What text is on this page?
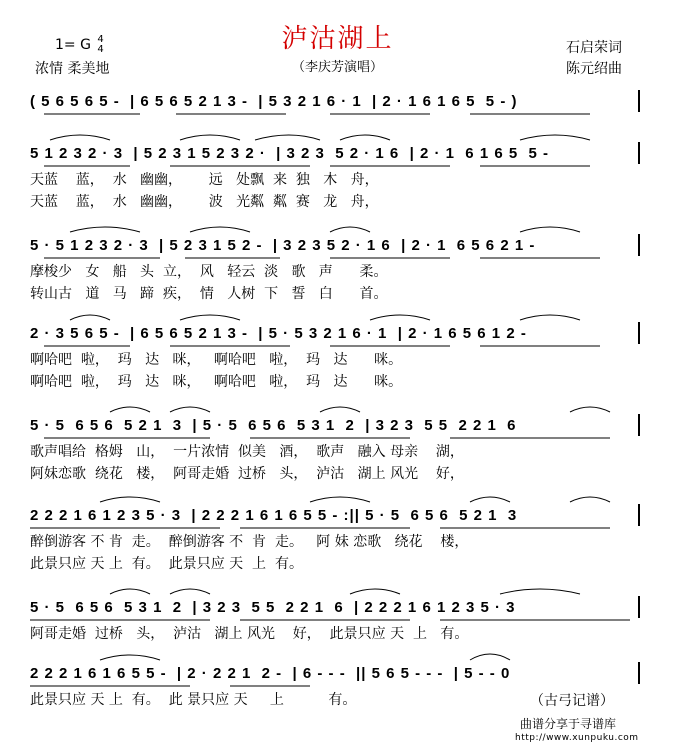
泸沽湖上
1= G 4
4
浓情 柔美地	（李庆芳演唱）
石启荣词
陈元绍曲
( 5 6 5 6 5 -  | 6 5 6 5 2 1 3 -  | 5 3 2 1 6 · 1  | 2 · 1 6 1 6 5  5 - )
5 1 2 3 2 · 3  | 5 2 3 1 5 2 3 2 ·  | 3 2 3  5 2 · 1 6  | 2 · 1  6 1 6 5  5 -
天蓝    蓝，  水   幽幽，      远   处飘  来  独   木   舟，
天蓝    蓝，  水   幽幽，      波   光粼  粼  赛   龙   舟，
5 · 5 1 2 3 2 · 3  | 5 2 3 1 5 2 -  | 3 2 3 5 2 · 1 6  | 2 · 1  6 5 6 2 1 -
摩梭少   女   船   头  立，  风   轻云  淡   歌   声      柔。
转山古   道   马   蹄  疾，  情   人树  下   誓   白      首。
2 · 3 5 6 5 -  | 6 5 6 5 2 1 3 -  | 5 · 5 3 2 1 6 · 1  | 2 · 1 6 5 6 1 2 -
啊哈吧  啦，  玛   达   咪，   啊哈吧   啦，  玛   达      咪。
啊哈吧  啦，  玛   达   咪，   啊哈吧   啦，  玛   达      咪。
5 · 5  6 5 6  5 2 1  3  | 5 · 5  6 5 6  5 3 1  2  | 3 2 3  5 5  2 2 1  6
歌声唱给  格姆   山，  一片浓情  似美   酒，  歌声   融入 母亲    湖，
阿妹恋歌  绕花   楼，  阿哥走婚  过桥   头，  泸沽   湖上 风光    好，
2 2 2 1 6 1 2 3 5 · 3  | 2 2 2 1 6 1 6 5 5 - :|| 5 · 5  6 5 6  5 2 1  3
醉倒游客 不 肯  走。  醉倒游客 不  肯  走。   阿 妹 恋歌   绕花    楼，
此景只应 天 上  有。  此景只应 天  上  有。
5 · 5  6 5 6  5 3 1  2  | 3 2 3  5 5  2 2 1  6  | 2 2 2 1 6 1 2 3 5 · 3
阿哥走婚  过桥   头，  泸沽   湖上 风光    好，  此景只应 天  上   有。
2 2 2 1 6 1 6 5 5 -  | 2 · 2 2 1  2 -  | 6 - - -  || 5 6 5 - - -  | 5 - - 0
此景只应 天 上  有。  此 景只应 天     上          有。	（古弓记谱）
曲谱分享于寻谱库
http://www.xunpuku.com
